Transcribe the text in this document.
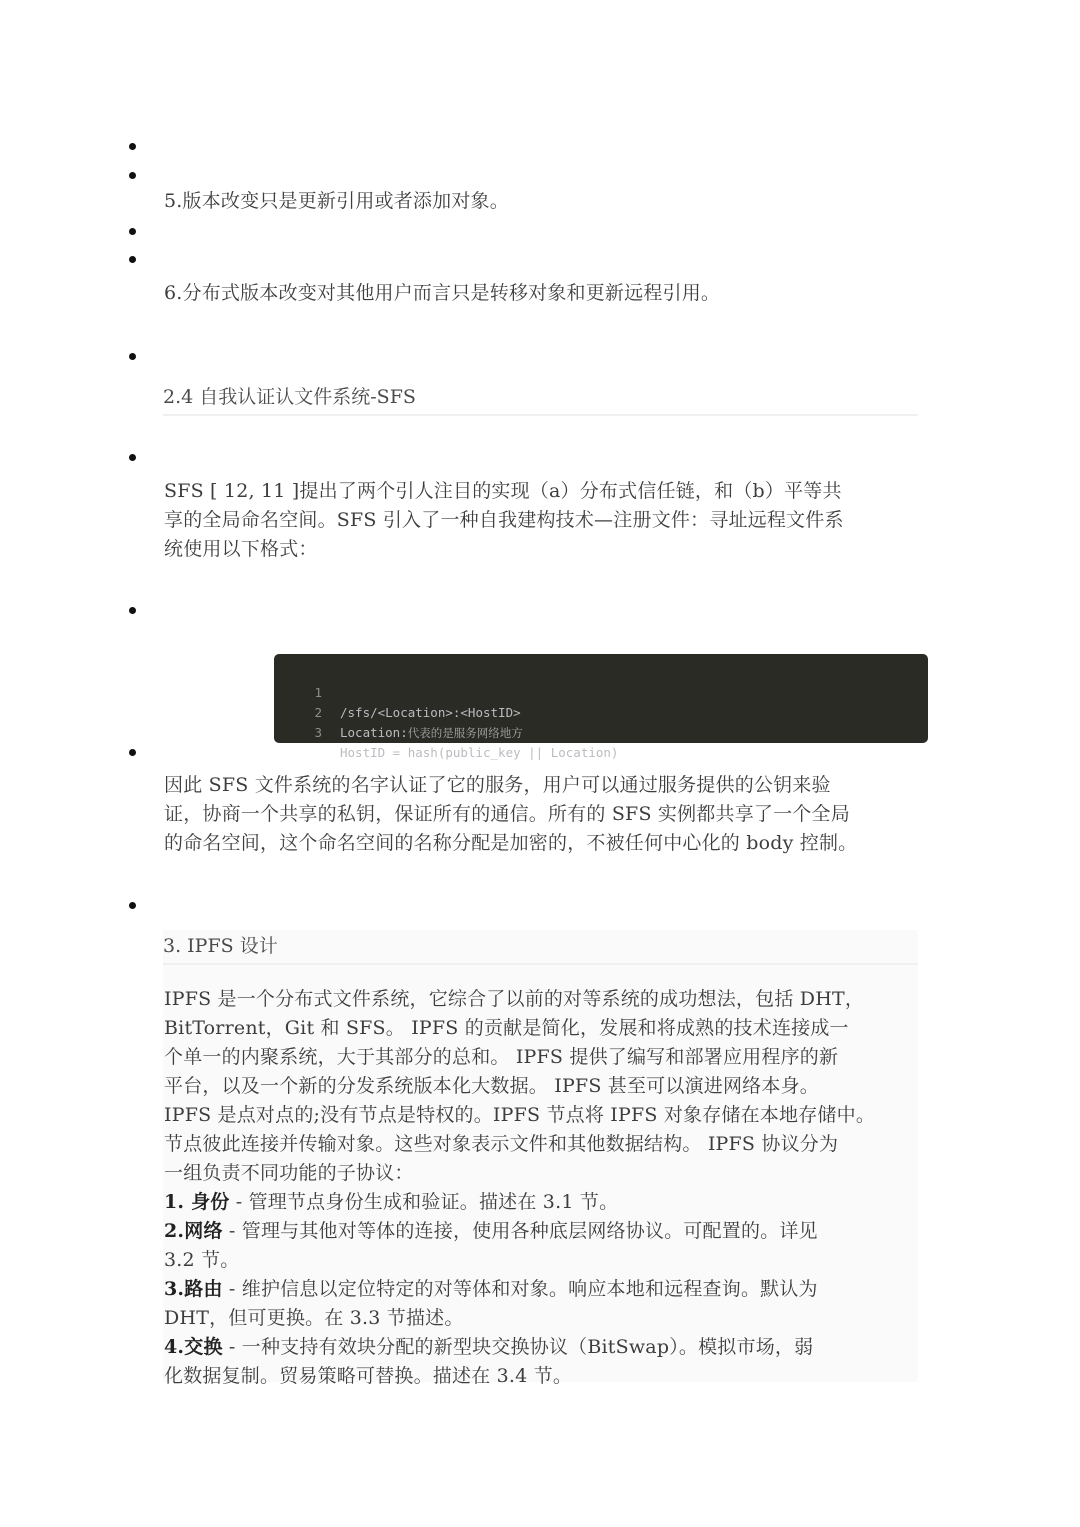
5.版本改变只是更新引用或者添加对象。
6.分布式版本改变对其他用户而言只是转移对象和更新远程引用。
2.4 自我认证认文件系统-SFS
SFS [ 12, 11 ]提出了两个引人注目的实现（a）分布式信任链，和（b）平等共
享的全局命名空间。SFS 引入了一种自我建构技术—注册文件：寻址远程文件系
统使用以下格式：

1

/sfs/<Location>:<HostID>

2

Location:代表的是服务网络地方

3

HostID = hash(public_key || Location)

因此 SFS 文件系统的名字认证了它的服务，用户可以通过服务提供的公钥来验
证，协商一个共享的私钥，保证所有的通信。所有的 SFS 实例都共享了一个全局
的命名空间，这个命名空间的名称分配是加密的，不被任何中心化的 body 控制。
3. IPFS 设计
IPFS 是一个分布式文件系统，它综合了以前的对等系统的成功想法，包括 DHT，
BitTorrent，Git 和 SFS。 IPFS 的贡献是简化，发展和将成熟的技术连接成一
个单一的内聚系统，大于其部分的总和。 IPFS 提供了编写和部署应用程序的新
平台，以及一个新的分发系统版本化大数据。 IPFS 甚至可以演进网络本身。
IPFS 是点对点的;没有节点是特权的。IPFS 节点将 IPFS 对象存储在本地存储中。
节点彼此连接并传输对象。这些对象表示文件和其他数据结构。 IPFS 协议分为
一组负责不同功能的子协议：
1. 身份 - 管理节点身份生成和验证。描述在 3.1 节。
2.网络 - 管理与其他对等体的连接，使用各种底层网络协议。可配置的。详见
3.2 节。
3.路由 - 维护信息以定位特定的对等体和对象。响应本地和远程查询。默认为
DHT，但可更换。在 3.3 节描述。
4.交换 - 一种支持有效块分配的新型块交换协议（BitSwap）。模拟市场，弱
化数据复制。贸易策略可替换。描述在 3.4 节。
